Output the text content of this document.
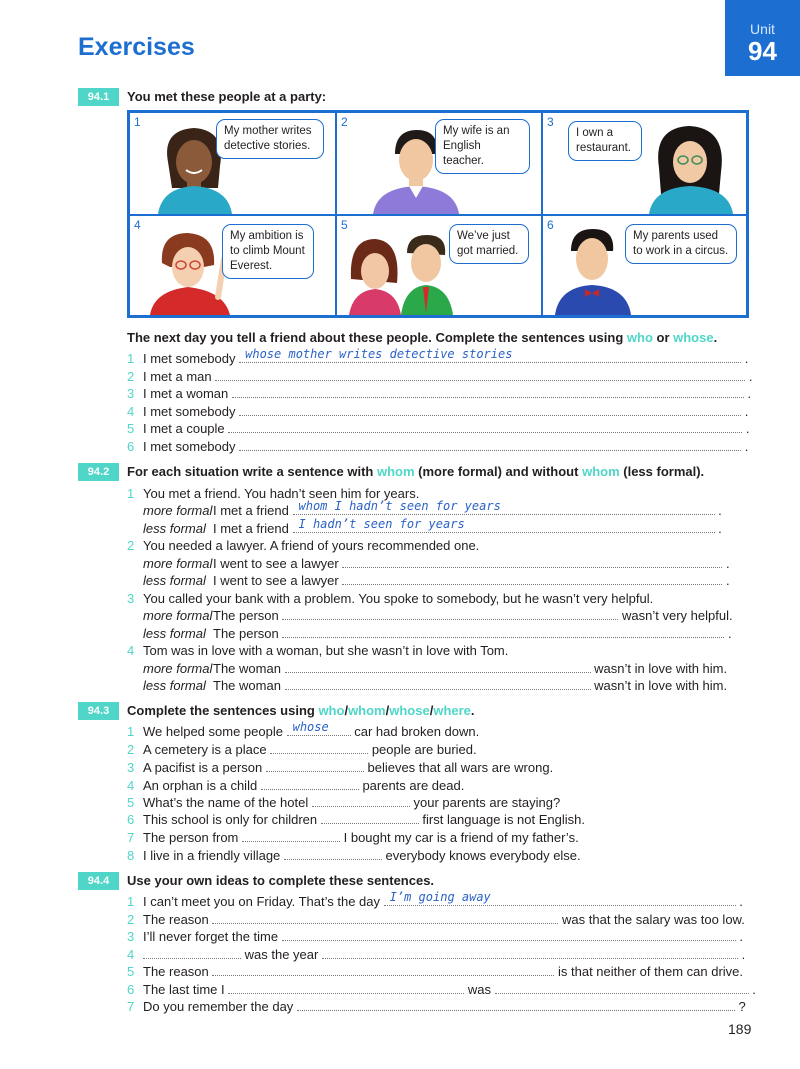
Unit
94
Exercises
94.1	You met these people at a party:
1
My mother writes detective stories.
2
My wife is an English teacher.
3
I own a restaurant.
4
My ambition is to climb Mount Everest.
5
We’ve just got married.
6
My parents used to work in a circus.
The next day you tell a friend about these people. Complete the sentences using who or whose.
1 I met somebody whose mother writes detective stories	.
2 I met a man	.
3 I met a woman	.
4 I met somebody	.
5 I met a couple	.
6 I met somebody	.
94.2	For each situation write a sentence with whom (more formal) and without whom (less formal).
1 You met a friend. You hadn’t seen him for years.
more formalI met a friend whom I hadn’t seen for years	.
less formal I met a friend I hadn’t seen for years	.
2 You needed a lawyer. A friend of yours recommended one.
more formalI went to see a lawyer	.
less formal I went to see a lawyer	.
3 You called your bank with a problem. You spoke to somebody, but he wasn’t very helpful.
more formalThe person	wasn’t very helpful.
less formal The person	.
4 Tom was in love with a woman, but she wasn’t in love with Tom.
more formalThe woman	wasn’t in love with him.
less formal The woman	wasn’t in love with him.
94.3	Complete the sentences using who/whom/whose/where.
1 We helped some people whose car had broken down.
2 A cemetery is a place	people are buried.
3 A pacifist is a person	believes that all wars are wrong.
4 An orphan is a child	parents are dead.
5 What’s the name of the hotel	your parents are staying?
6 This school is only for children	first language is not English.
7 The person from	I bought my car is a friend of my father’s.
8 I live in a friendly village	everybody knows everybody else.
94.4	Use your own ideas to complete these sentences.
1 I can’t meet you on Friday. That’s the day I’m going away	.
2 The reason	was that the salary was too low.
3 I’ll never forget the time	.
4	was the year	.
5 The reason	is that neither of them can drive.
6 The last time I	was	.
7 Do you remember the day	?
189
